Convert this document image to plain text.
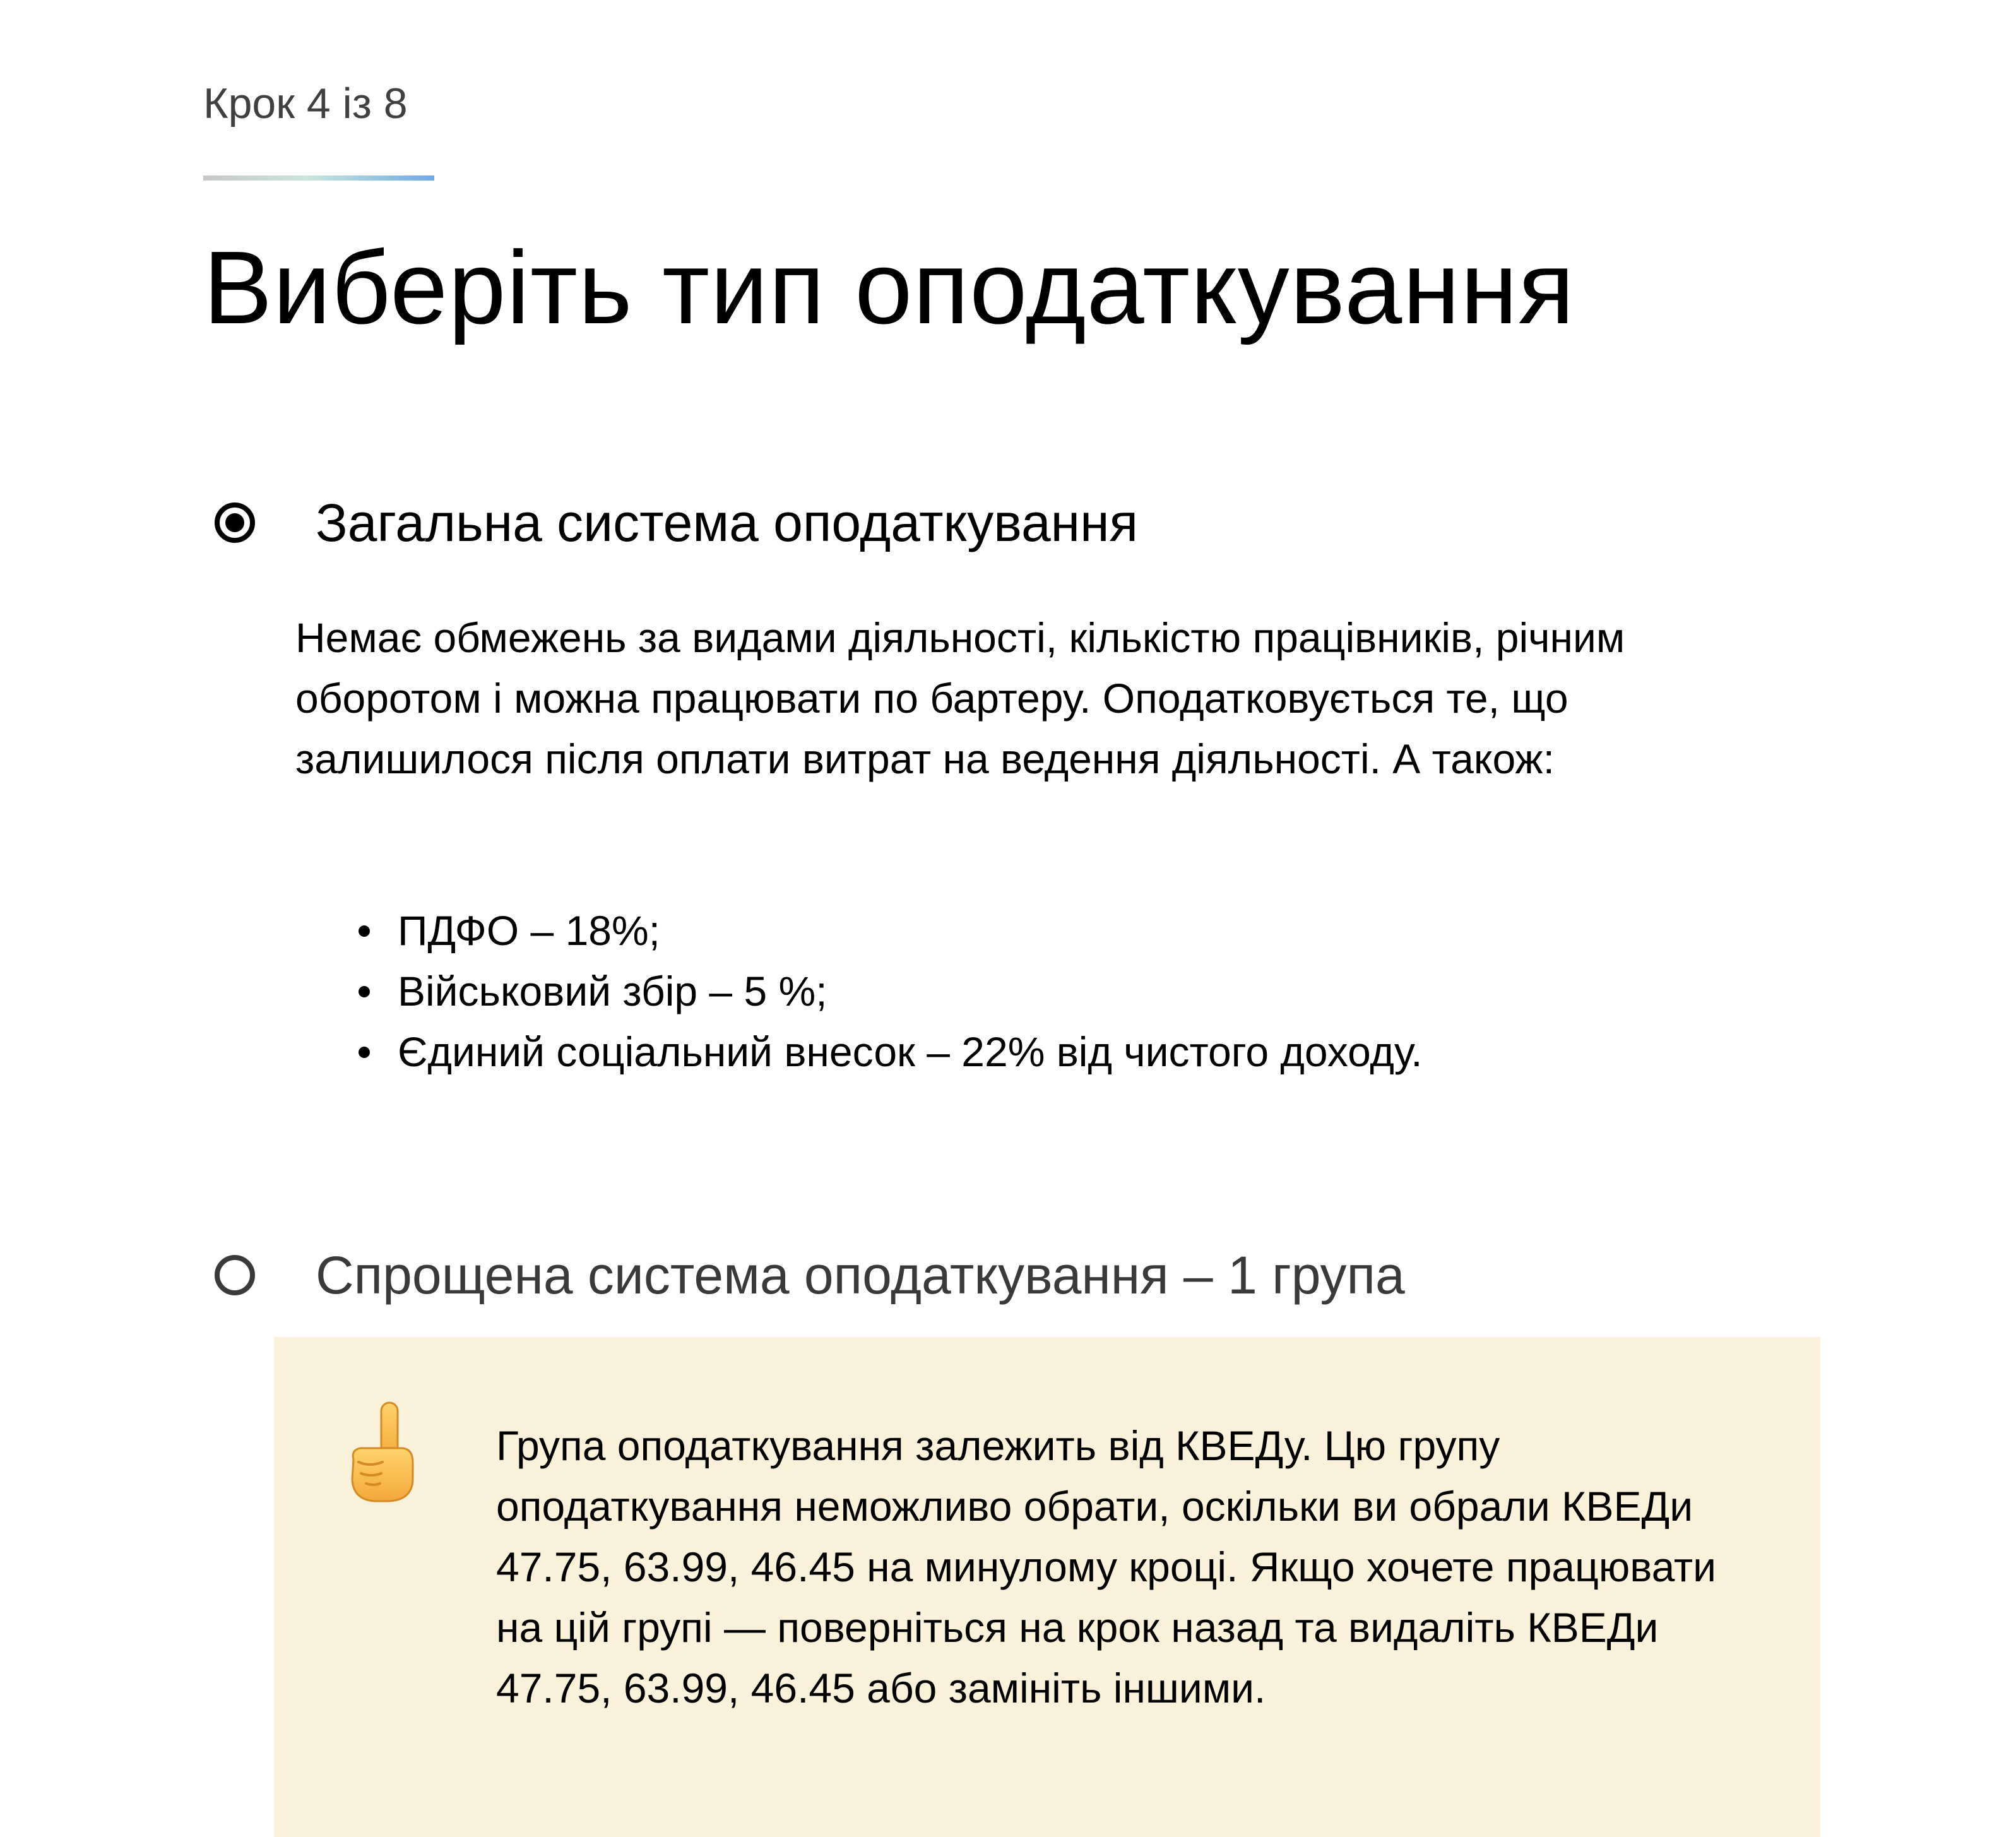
Крок 4 із 8
Виберіть тип оподаткування
Загальна система оподаткування

Немає обмежень за видами діяльності, кількістю працівників, річним оборотом і можна працювати по бартеру. Оподатковується те, що залишилося після оплати витрат на ведення діяльності. А також:

ПДФО – 18%;
Військовий збір – 5 %;
Єдиний соціальний внесок – 22% від чистого доходу.
Спрощена система оподаткування – 1 група

Група оподаткування залежить від КВЕДу. Цю групу оподаткування неможливо обрати, оскільки ви обрали КВЕДи 47.75, 63.99, 46.45 на минулому кроці. Якщо хочете працювати на цій групі — поверніться на крок назад та видаліть КВЕДи 47.75, 63.99, 46.45 або замініть іншими.
